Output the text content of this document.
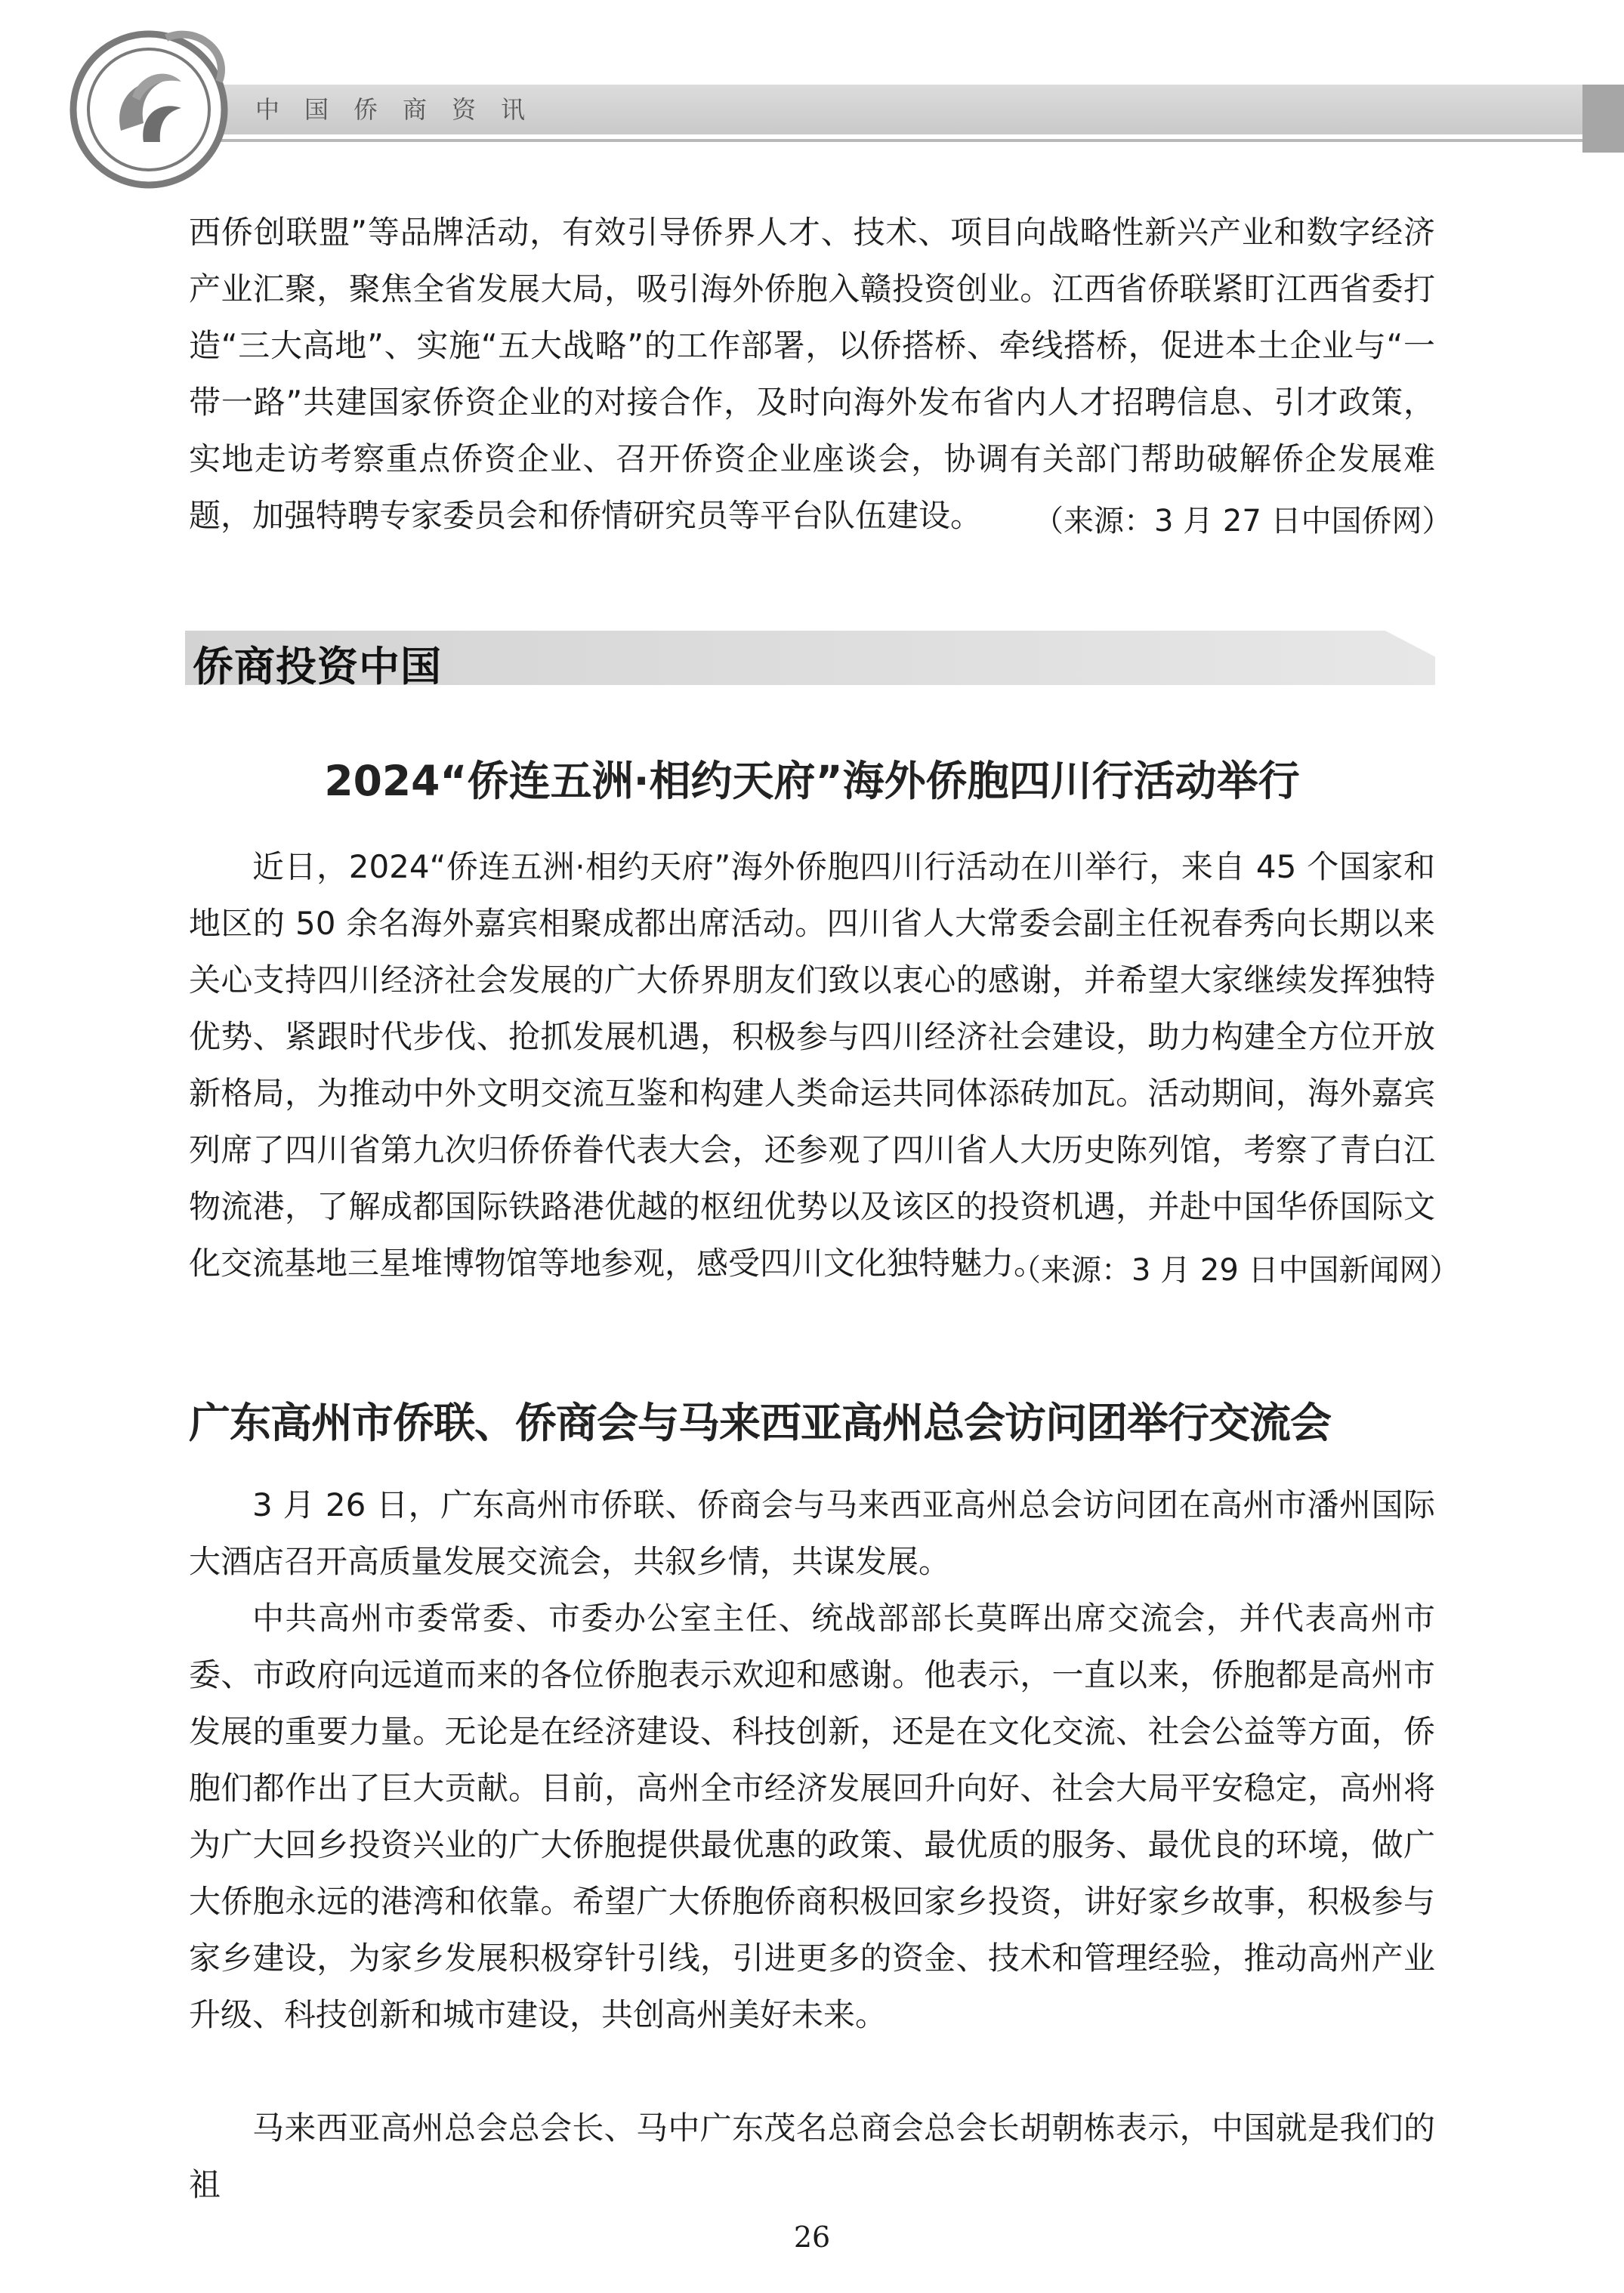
中国侨商资讯

西侨创联盟”等品牌活动，有效引导侨界人才、技术、项目向战略性新兴产业和数字经济产业汇聚，聚焦全省发展大局，吸引海外侨胞入赣投资创业。江西省侨联紧盯江西省委打造“三大高地”、实施“五大战略”的工作部署，以侨搭桥、牵线搭桥，促进本土企业与“一带一路”共建国家侨资企业的对接合作，及时向海外发布省内人才招聘信息、引才政策，实地走访考察重点侨资企业、召开侨资企业座谈会，协调有关部门帮助破解侨企发展难题，加强特聘专家委员会和侨情研究员等平台队伍建设。	（来源：3 月 27 日中国侨网）
侨商投资中国
2024“侨连五洲·相约天府”海外侨胞四川行活动举行

近日，2024“侨连五洲·相约天府”海外侨胞四川行活动在川举行，来自 45 个国家和地区的 50 余名海外嘉宾相聚成都出席活动。四川省人大常委会副主任祝春秀向长期以来关心支持四川经济社会发展的广大侨界朋友们致以衷心的感谢，并希望大家继续发挥独特优势、紧跟时代步伐、抢抓发展机遇，积极参与四川经济社会建设，助力构建全方位开放新格局，为推动中外文明交流互鉴和构建人类命运共同体添砖加瓦。活动期间，海外嘉宾列席了四川省第九次归侨侨眷代表大会，还参观了四川省人大历史陈列馆，考察了青白江物流港，了解成都国际铁路港优越的枢纽优势以及该区的投资机遇，并赴中国华侨国际文化交流基地三星堆博物馆等地参观，感受四川文化独特魅力。

（来源：3 月 29 日中国新闻网）
广东高州市侨联、侨商会与马来西亚高州总会访问团举行交流会

3 月 26 日，广东高州市侨联、侨商会与马来西亚高州总会访问团在高州市潘州国际大酒店召开高质量发展交流会，共叙乡情，共谋发展。

中共高州市委常委、市委办公室主任、统战部部长莫晖出席交流会，并代表高州市委、市政府向远道而来的各位侨胞表示欢迎和感谢。他表示，一直以来，侨胞都是高州市发展的重要力量。无论是在经济建设、科技创新，还是在文化交流、社会公益等方面，侨胞们都作出了巨大贡献。目前，高州全市经济发展回升向好、社会大局平安稳定，高州将为广大回乡投资兴业的广大侨胞提供最优惠的政策、最优质的服务、最优良的环境，做广大侨胞永远的港湾和依靠。希望广大侨胞侨商积极回家乡投资，讲好家乡故事，积极参与家乡建设，为家乡发展积极穿针引线，引进更多的资金、技术和管理经验，推动高州产业升级、科技创新和城市建设，共创高州美好未来。

马来西亚高州总会总会长、马中广东茂名总商会总会长胡朝栋表示，中国就是我们的祖

26
